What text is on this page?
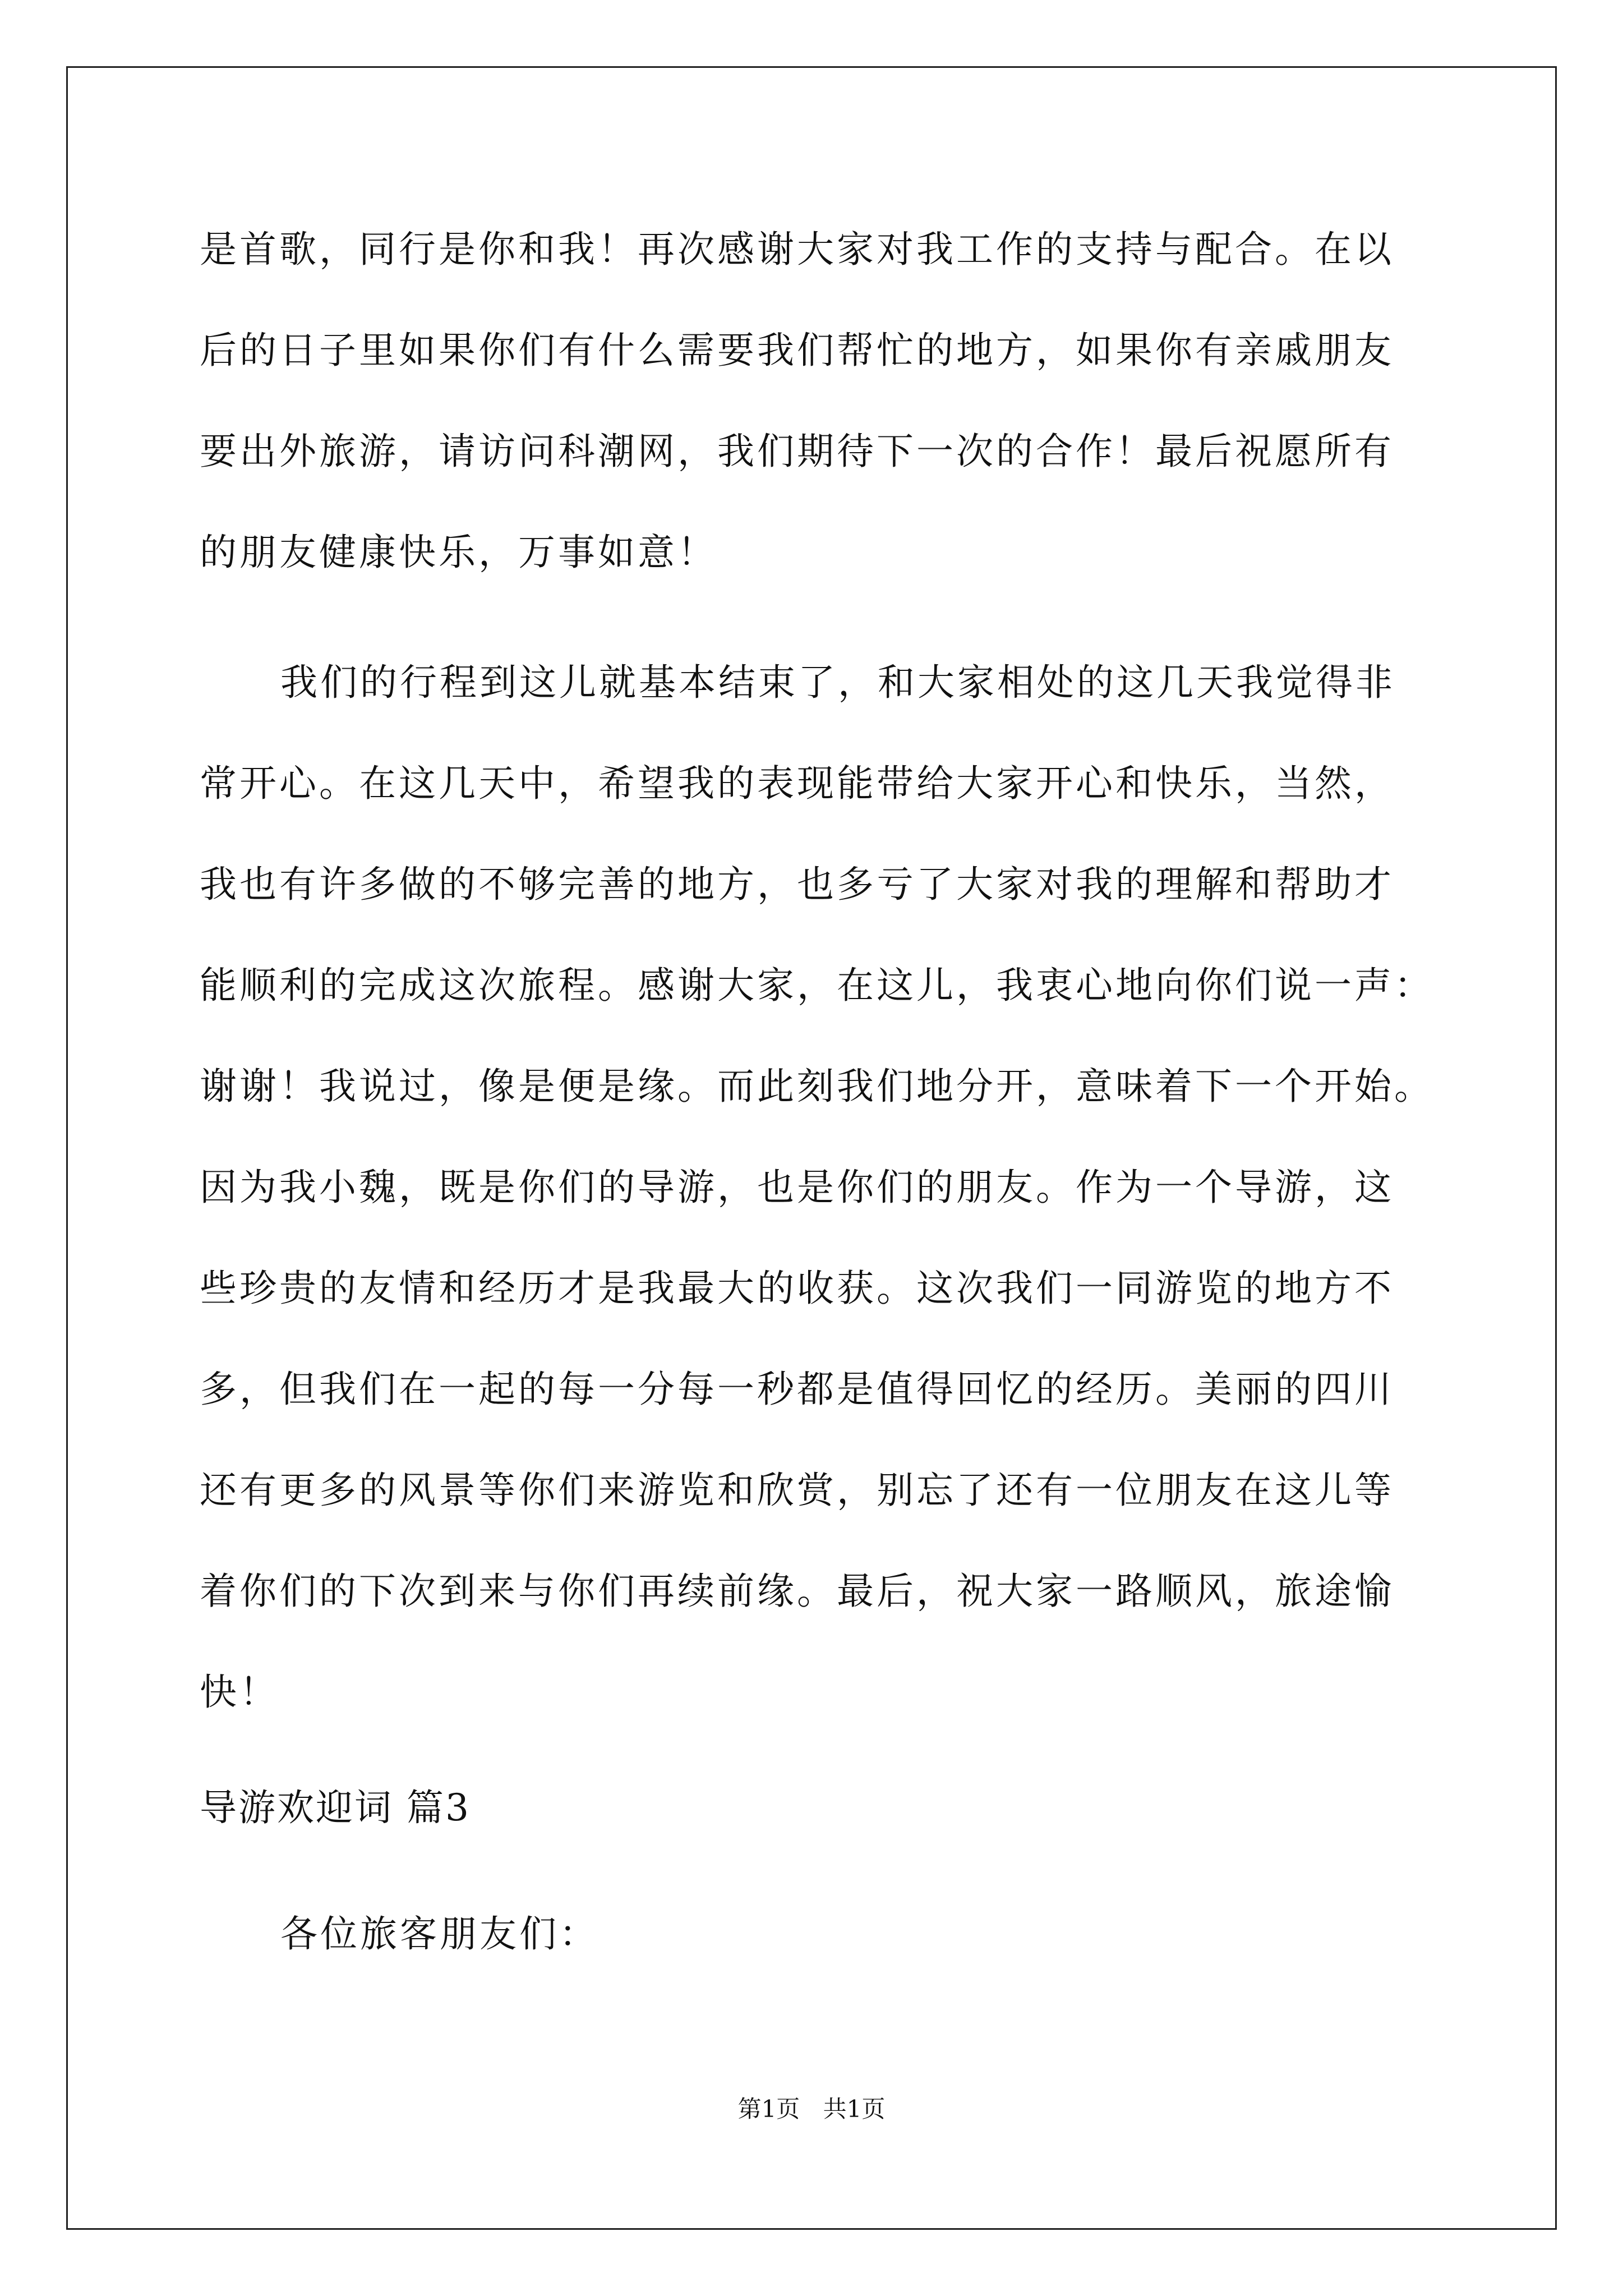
是首歌，同行是你和我！再次感谢大家对我工作的支持与配合。在以
后的日子里如果你们有什么需要我们帮忙的地方，如果你有亲戚朋友
要出外旅游，请访问科潮网，我们期待下一次的合作！最后祝愿所有
的朋友健康快乐，万事如意！
我们的行程到这儿就基本结束了，和大家相处的这几天我觉得非
常开心。在这几天中，希望我的表现能带给大家开心和快乐，当然，
我也有许多做的不够完善的地方，也多亏了大家对我的理解和帮助才
能顺利的完成这次旅程。感谢大家，在这儿，我衷心地向你们说一声：
谢谢！我说过，像是便是缘。而此刻我们地分开，意味着下一个开始。
因为我小魏，既是你们的导游，也是你们的朋友。作为一个导游，这
些珍贵的友情和经历才是我最大的收获。这次我们一同游览的地方不
多，但我们在一起的每一分每一秒都是值得回忆的经历。美丽的四川
还有更多的风景等你们来游览和欣赏，别忘了还有一位朋友在这儿等
着你们的下次到来与你们再续前缘。最后，祝大家一路顺风，旅途愉
快！
导游欢迎词 篇3
各位旅客朋友们：
第1页 共1页
